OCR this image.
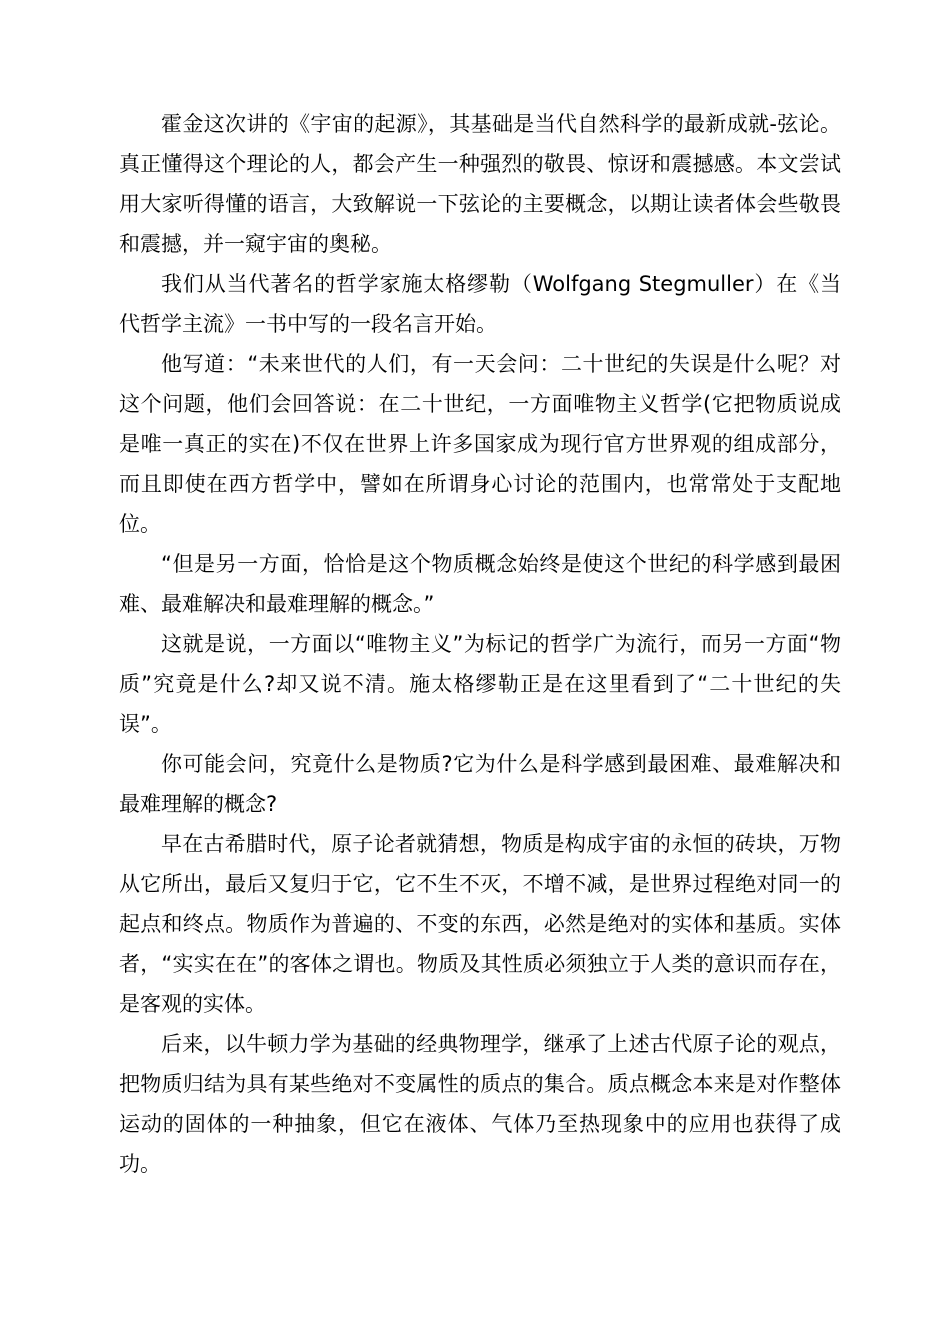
霍金这次讲的《宇宙的起源》，其基础是当代自然科学的最新成就-弦论。真正懂得这个理论的人，都会产生一种强烈的敬畏、惊讶和震撼感。本文尝试用大家听得懂的语言，大致解说一下弦论的主要概念，以期让读者体会些敬畏和震撼，并一窥宇宙的奥秘。

我们从当代著名的哲学家施太格缪勒（Wolfgang Stegmuller）在《当代哲学主流》一书中写的一段名言开始。

他写道：“未来世代的人们，有一天会问：二十世纪的失误是什么呢？对这个问题，他们会回答说：在二十世纪，一方面唯物主义哲学(它把物质说成是唯一真正的实在)不仅在世界上许多国家成为现行官方世界观的组成部分，而且即使在西方哲学中，譬如在所谓身心讨论的范围内，也常常处于支配地位。

“但是另一方面，恰恰是这个物质概念始终是使这个世纪的科学感到最困难、最难解决和最难理解的概念。”

这就是说，一方面以“唯物主义”为标记的哲学广为流行，而另一方面“物质”究竟是什么?却又说不清。施太格缪勒正是在这里看到了“二十世纪的失误”。

你可能会问，究竟什么是物质?它为什么是科学感到最困难、最难解决和最难理解的概念?

早在古希腊时代，原子论者就猜想，物质是构成宇宙的永恒的砖块，万物从它所出，最后又复归于它，它不生不灭，不增不减，是世界过程绝对同一的起点和终点。物质作为普遍的、不变的东西，必然是绝对的实体和基质。实体者，“实实在在”的客体之谓也。物质及其性质必须独立于人类的意识而存在，是客观的实体。

后来，以牛顿力学为基础的经典物理学，继承了上述古代原子论的观点，把物质归结为具有某些绝对不变属性的质点的集合。质点概念本来是对作整体运动的固体的一种抽象，但它在液体、气体乃至热现象中的应用也获得了成功。
